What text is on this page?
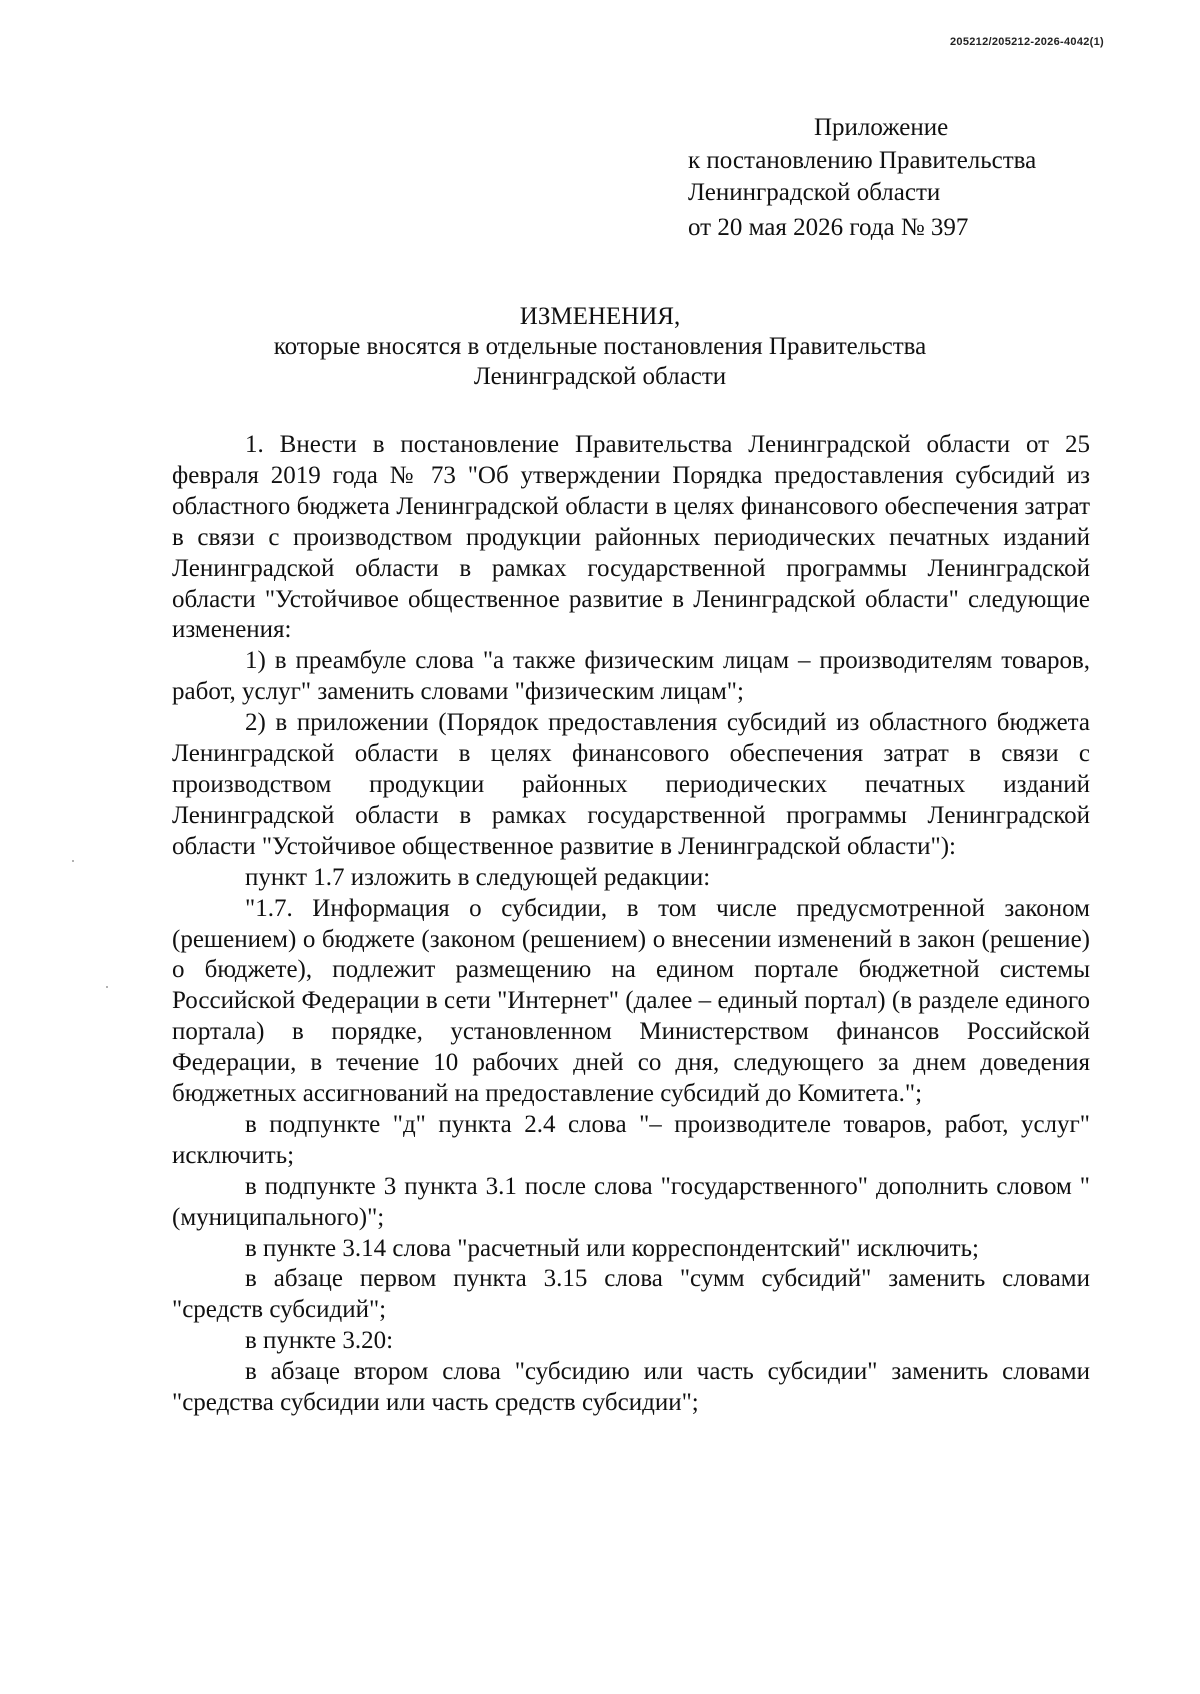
205212/205212-2026-4042(1)
Приложение
к постановлению Правительства
Ленинградской области
от 20 мая 2026 года № 397
ИЗМЕНЕНИЯ,
которые вносятся в отдельные постановления Правительства
Ленинградской области

1. Внести в постановление Правительства Ленинградской области от 25 февраля 2019 года № 73 "Об утверждении Порядка предоставления субсидий из областного бюджета Ленинградской области в целях финансового обеспечения затрат в связи с производством продукции районных периодических печатных изданий Ленинградской области в рамках государственной программы Ленинградской области "Устойчивое общественное развитие в Ленинградской области" следующие изменения:

1) в преамбуле слова "а также физическим лицам – производителям товаров, работ, услуг" заменить словами "физическим лицам";

2) в приложении (Порядок предоставления субсидий из областного бюджета Ленинградской области в целях финансового обеспечения затрат в связи с производством продукции районных периодических печатных изданий Ленинградской области в рамках государственной программы Ленинградской области "Устойчивое общественное развитие в Ленинградской области"):

пункт 1.7 изложить в следующей редакции:

"1.7. Информация о субсидии, в том числе предусмотренной законом (решением) о бюджете (законом (решением) о внесении изменений в закон (решение) о бюджете), подлежит размещению на едином портале бюджетной системы Российской Федерации в сети "Интернет" (далее – единый портал) (в разделе единого портала) в порядке, установленном Министерством финансов Российской Федерации, в течение 10 рабочих дней со дня, следующего за днем доведения бюджетных ассигнований на предоставление субсидий до Комитета.";

в подпункте "д" пункта 2.4 слова "– производителе товаров, работ, услуг" исключить;

в подпункте 3 пункта 3.1 после слова "государственного" дополнить словом "(муниципального)";

в пункте 3.14 слова "расчетный или корреспондентский" исключить;

в абзаце первом пункта 3.15 слова "сумм субсидий" заменить словами "средств субсидий";

в пункте 3.20:

в абзаце втором слова "субсидию или часть субсидии" заменить словами "средства субсидии или часть средств субсидии";
